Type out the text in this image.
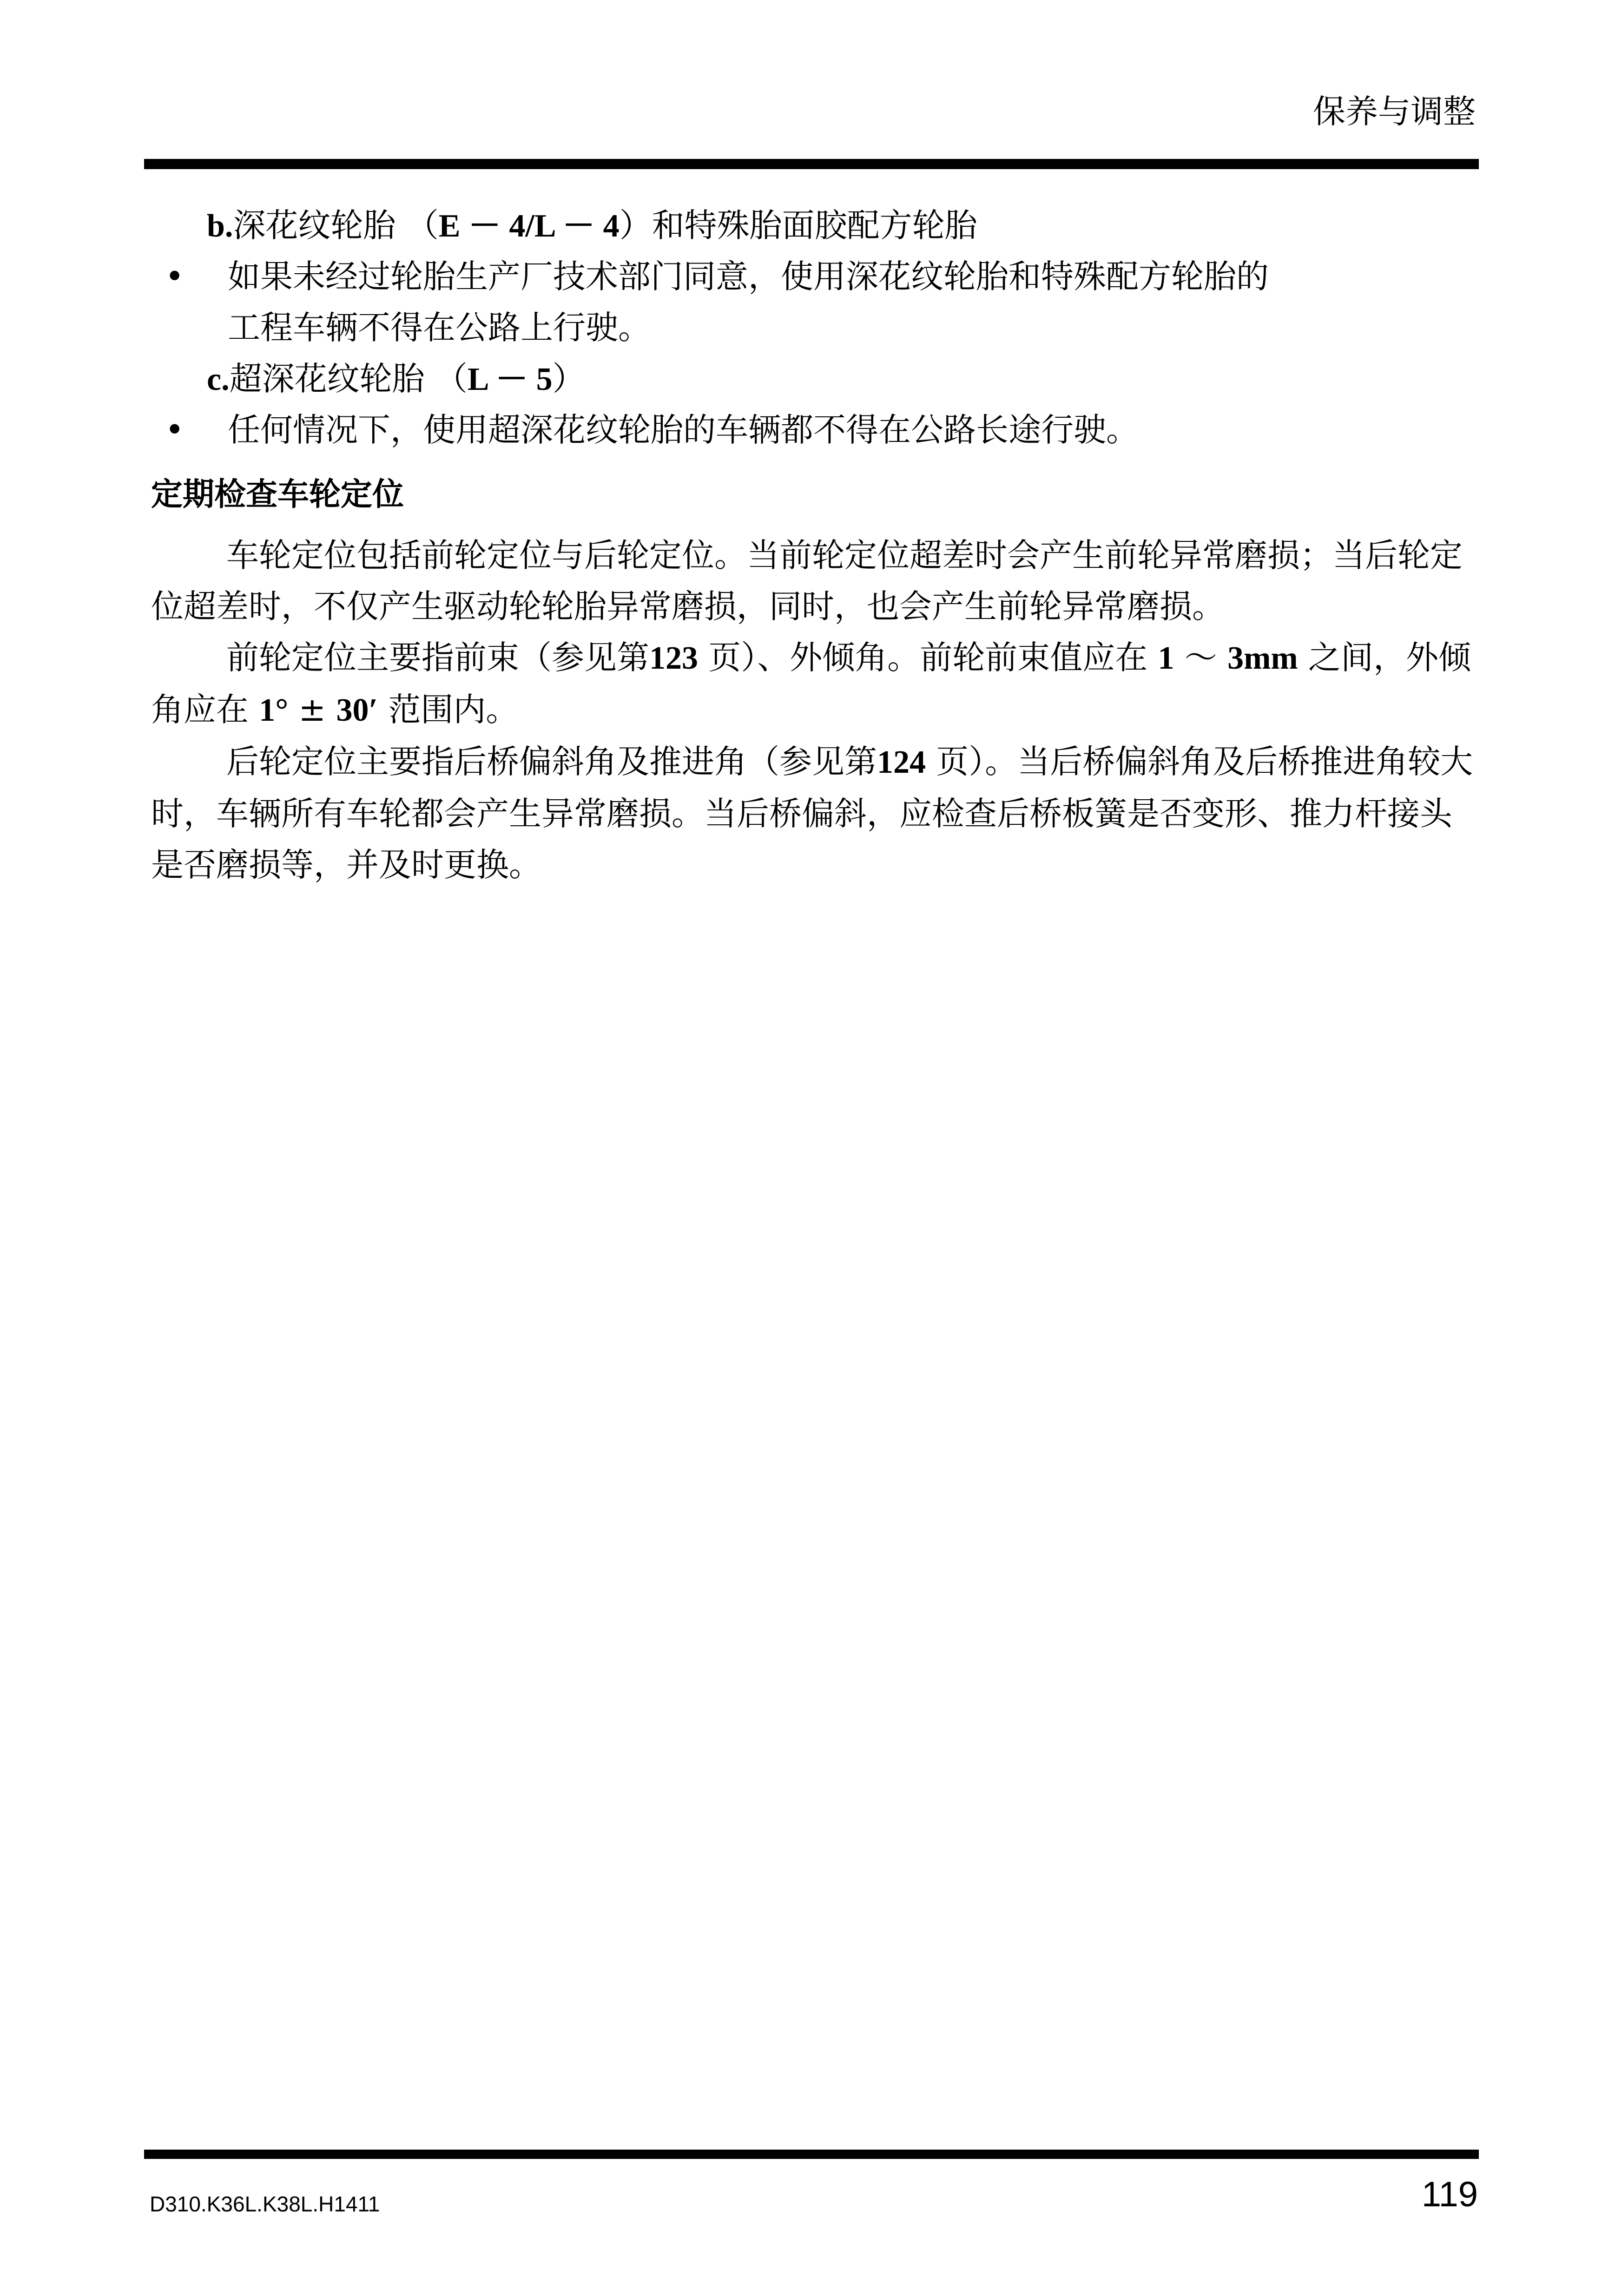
保养与调整
b.深花纹轮胎 （E － 4/L － 4）和特殊胎面胶配方轮胎
• 如果未经过轮胎生产厂技术部门同意，使用深花纹轮胎和特殊配方轮胎的
工程车辆不得在公路上行驶。
c.超深花纹轮胎 （L － 5）
• 任何情况下，使用超深花纹轮胎的车辆都不得在公路长途行驶。
定期检查车轮定位

车轮定位包括前轮定位与后轮定位。当前轮定位超差时会产生前轮异常磨损；当后轮定位超差时，不仅产生驱动轮轮胎异常磨损，同时，也会产生前轮异常磨损。

前轮定位主要指前束（参见第123 页）、外倾角。前轮前束值应在 1 ～ 3mm 之间，外倾角应在 1° ± 30′ 范围内。

后轮定位主要指后桥偏斜角及推进角（参见第124 页）。当后桥偏斜角及后桥推进角较大时，车辆所有车轮都会产生异常磨损。当后桥偏斜，应检查后桥板簧是否变形、推力杆接头是否磨损等，并及时更换。

D310.K36L.K38L.H1411	119
